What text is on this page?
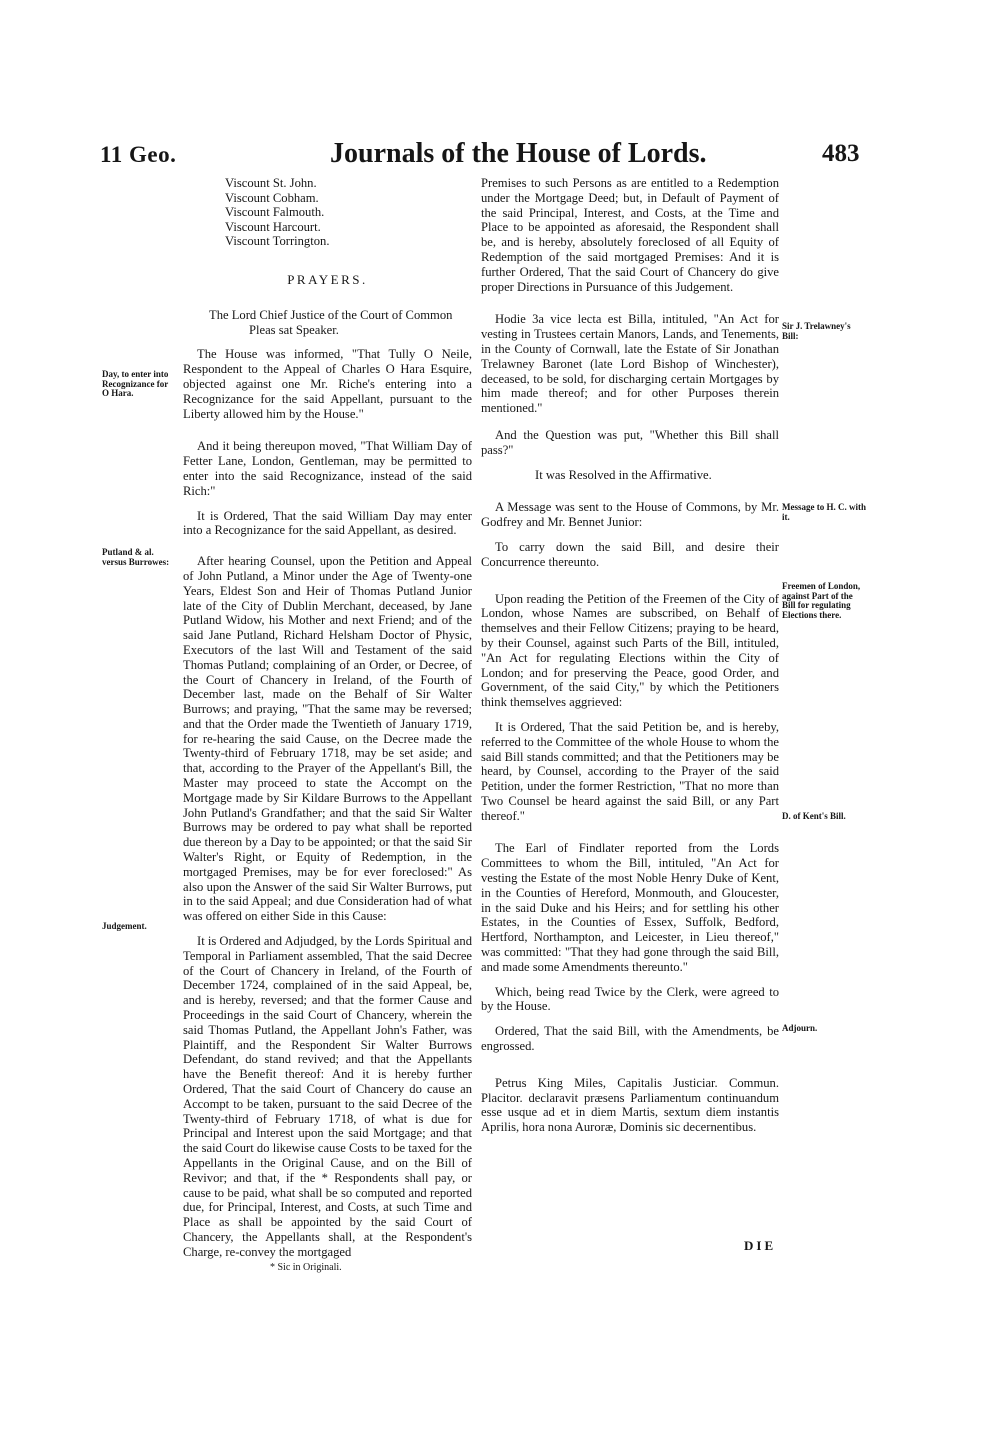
11 Geo.	Journals of the House of Lords.	483
Viscount St. John.
Viscount Cobham.
Viscount Falmouth.
Viscount Harcourt.
Viscount Torrington.
PRAYERS.

The Lord Chief Justice of the Court of Common
Pleas sat Speaker.

The House was informed, "That Tully O Neile, Respondent to the Appeal of Charles O Hara Esquire, objected against one Mr. Riche's entering into a Recognizance for the said Appellant, pursuant to the Liberty allowed him by the House."

And it being thereupon moved, "That William Day of Fetter Lane, London, Gentleman, may be permitted to enter into the said Recognizance, instead of the said Rich:"

It is Ordered, That the said William Day may enter into a Recognizance for the said Appellant, as desired.

After hearing Counsel, upon the Petition and Appeal of John Putland, a Minor under the Age of Twenty-one Years, Eldest Son and Heir of Thomas Putland Junior late of the City of Dublin Merchant, deceased, by Jane Putland Widow, his Mother and next Friend; and of the said Jane Putland, Richard Helsham Doctor of Physic, Executors of the last Will and Testament of the said Thomas Putland; complaining of an Order, or Decree, of the Court of Chancery in Ireland, of the Fourth of December last, made on the Behalf of Sir Walter Burrows; and praying, "That the same may be reversed; and that the Order made the Twentieth of January 1719, for re-hearing the said Cause, on the Decree made the Twenty-third of February 1718, may be set aside; and that, according to the Prayer of the Appellant's Bill, the Master may proceed to state the Accompt on the Mortgage made by Sir Kildare Burrows to the Appellant John Putland's Grandfather; and that the said Sir Walter Burrows may be ordered to pay what shall be reported due thereon by a Day to be appointed; or that the said Sir Walter's Right, or Equity of Redemption, in the mortgaged Premises, may be for ever foreclosed:" As also upon the Answer of the said Sir Walter Burrows, put in to the said Appeal; and due Consideration had of what was offered on either Side in this Cause:

It is Ordered and Adjudged, by the Lords Spiritual and Temporal in Parliament assembled, That the said Decree of the Court of Chancery in Ireland, of the Fourth of December 1724, complained of in the said Appeal, be, and is hereby, reversed; and that the former Cause and Proceedings in the said Court of Chancery, wherein the said Thomas Putland, the Appellant John's Father, was Plaintiff, and the Respondent Sir Walter Burrows Defendant, do stand revived; and that the Appellants have the Benefit thereof: And it is hereby further Ordered, That the said Court of Chancery do cause an Accompt to be taken, pursuant to the said Decree of the Twenty-third of February 1718, of what is due for Principal and Interest upon the said Mortgage; and that the said Court do likewise cause Costs to be taxed for the Appellants in the Original Cause, and on the Bill of Revivor; and that, if the * Respondents shall pay, or cause to be paid, what shall be so computed and reported due, for Principal, Interest, and Costs, at such Time and Place as shall be appointed by the said Court of Chancery, the Appellants shall, at the Respondent's Charge, re-convey the mortgaged

Premises to such Persons as are entitled to a Redemption under the Mortgage Deed; but, in Default of Payment of the said Principal, Interest, and Costs, at the Time and Place to be appointed as aforesaid, the Respondent shall be, and is hereby, absolutely foreclosed of all Equity of Redemption of the said mortgaged Premises: And it is further Ordered, That the said Court of Chancery do give proper Directions in Pursuance of this Judgement.

Hodie 3a vice lecta est Billa, intituled, "An Act for vesting in Trustees certain Manors, Lands, and Tenements, in the County of Cornwall, late the Estate of Sir Jonathan Trelawney Baronet (late Lord Bishop of Winchester), deceased, to be sold, for discharging certain Mortgages by him made thereof; and for other Purposes therein mentioned."

And the Question was put, "Whether this Bill shall pass?"

It was Resolved in the Affirmative.

A Message was sent to the House of Commons, by Mr. Godfrey and Mr. Bennet Junior:

To carry down the said Bill, and desire their Concurrence thereunto.

Upon reading the Petition of the Freemen of the City of London, whose Names are subscribed, on Behalf of themselves and their Fellow Citizens; praying to be heard, by their Counsel, against such Parts of the Bill, intituled, "An Act for regulating Elections within the City of London; and for preserving the Peace, good Order, and Government, of the said City," by which the Petitioners think themselves aggrieved:

It is Ordered, That the said Petition be, and is hereby, referred to the Committee of the whole House to whom the said Bill stands committed; and that the Petitioners may be heard, by Counsel, according to the Prayer of the said Petition, under the former Restriction, "That no more than Two Counsel be heard against the said Bill, or any Part thereof."

The Earl of Findlater reported from the Lords Committees to whom the Bill, intituled, "An Act for vesting the Estate of the most Noble Henry Duke of Kent, in the Counties of Hereford, Monmouth, and Gloucester, in the said Duke and his Heirs; and for settling his other Estates, in the Counties of Essex, Suffolk, Bedford, Hertford, Northampton, and Leicester, in Lieu thereof," was committed: "That they had gone through the said Bill, and made some Amendments thereunto."

Which, being read Twice by the Clerk, were agreed to by the House.

Ordered, That the said Bill, with the Amendments, be engrossed.

Petrus King Miles, Capitalis Justiciar. Commun. Placitor. declaravit præsens Parliamentum continuandum esse usque ad et in diem Martis, sextum diem instantis Aprilis, hora nona Auroræ, Dominis sic decernentibus.

Day, to enter into Recognizance for O Hara.
Putland & al. versus Burrowes:
Judgement.
Sir J. Trelawney's Bill:
Message to H. C. with it.
Freemen of London, against Part of the Bill for regulating Elections there.
D. of Kent's Bill.
Adjourn.
* Sic in Originali.
DIE
